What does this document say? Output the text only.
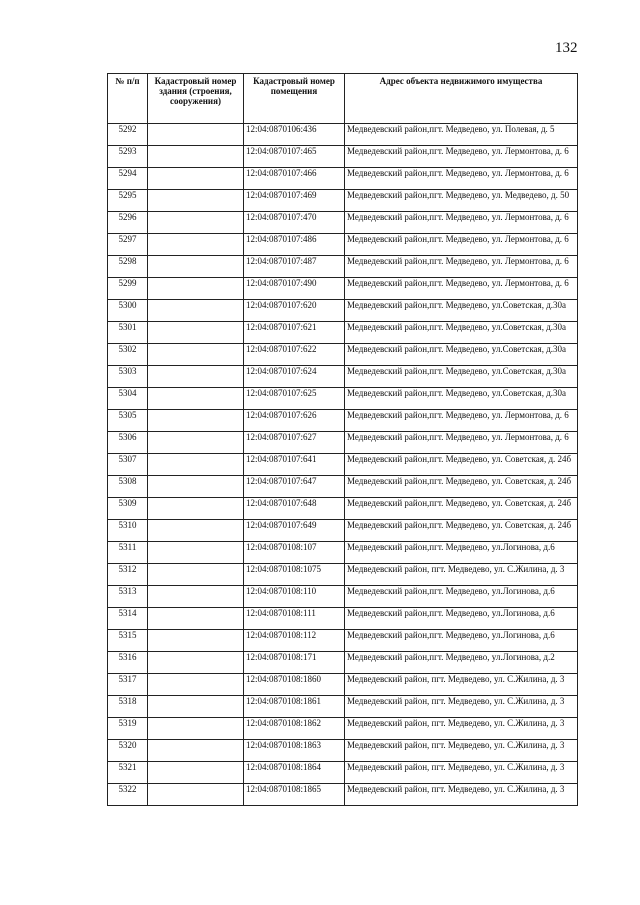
132
№ п/п	Кадастровый номер здания (строения, сооружения)	Кадастровый номер помещения	Адрес объекта недвижимого имущества
5292		12:04:0870106:436	Медведевский район,пгт. Медведево, ул. Полевая, д. 5
5293		12:04:0870107:465	Медведевский район,пгт. Медведево, ул. Лермонтова, д. 6
5294		12:04:0870107:466	Медведевский район,пгт. Медведево, ул. Лермонтова, д. 6
5295		12:04:0870107:469	Медведевский район,пгт. Медведево, ул. Медведево, д. 50
5296		12:04:0870107:470	Медведевский район,пгт. Медведево, ул. Лермонтова, д. 6
5297		12:04:0870107:486	Медведевский район,пгт. Медведево, ул. Лермонтова, д. 6
5298		12:04:0870107:487	Медведевский район,пгт. Медведево, ул. Лермонтова, д. 6
5299		12:04:0870107:490	Медведевский район,пгт. Медведево, ул. Лермонтова, д. 6
5300		12:04:0870107:620	Медведевский район,пгт. Медведево, ул.Советская, д.30а
5301		12:04:0870107:621	Медведевский район,пгт. Медведево, ул.Советская, д.30а
5302		12:04:0870107:622	Медведевский район,пгт. Медведево, ул.Советская, д.30а
5303		12:04:0870107:624	Медведевский район,пгт. Медведево, ул.Советская, д.30а
5304		12:04:0870107:625	Медведевский район,пгт. Медведево, ул.Советская, д.30а
5305		12:04:0870107:626	Медведевский район,пгт. Медведево, ул. Лермонтова, д. 6
5306		12:04:0870107:627	Медведевский район,пгт. Медведево, ул. Лермонтова, д. 6
5307		12:04:0870107:641	Медведевский район,пгт. Медведево, ул. Советская, д. 24б
5308		12:04:0870107:647	Медведевский район,пгт. Медведево, ул. Советская, д. 24б
5309		12:04:0870107:648	Медведевский район,пгт. Медведево, ул. Советская, д. 24б
5310		12:04:0870107:649	Медведевский район,пгт. Медведево, ул. Советская, д. 24б
5311		12:04:0870108:107	Медведевский район,пгт. Медведево, ул.Логинова, д.6
5312		12:04:0870108:1075	Медведевский район, пгт. Медведево, ул. С.Жилина, д. 3
5313		12:04:0870108:110	Медведевский район,пгт. Медведево, ул.Логинова, д.6
5314		12:04:0870108:111	Медведевский район,пгт. Медведево, ул.Логинова, д.6
5315		12:04:0870108:112	Медведевский район,пгт. Медведево, ул.Логинова, д.6
5316		12:04:0870108:171	Медведевский район,пгт. Медведево, ул.Логинова, д.2
5317		12:04:0870108:1860	Медведевский район, пгт. Медведево, ул. С.Жилина, д. 3
5318		12:04:0870108:1861	Медведевский район, пгт. Медведево, ул. С.Жилина, д. 3
5319		12:04:0870108:1862	Медведевский район, пгт. Медведево, ул. С.Жилина, д. 3
5320		12:04:0870108:1863	Медведевский район, пгт. Медведево, ул. С.Жилина, д. 3
5321		12:04:0870108:1864	Медведевский район, пгт. Медведево, ул. С.Жилина, д. 3
5322		12:04:0870108:1865	Медведевский район, пгт. Медведево, ул. С.Жилина, д. 3
